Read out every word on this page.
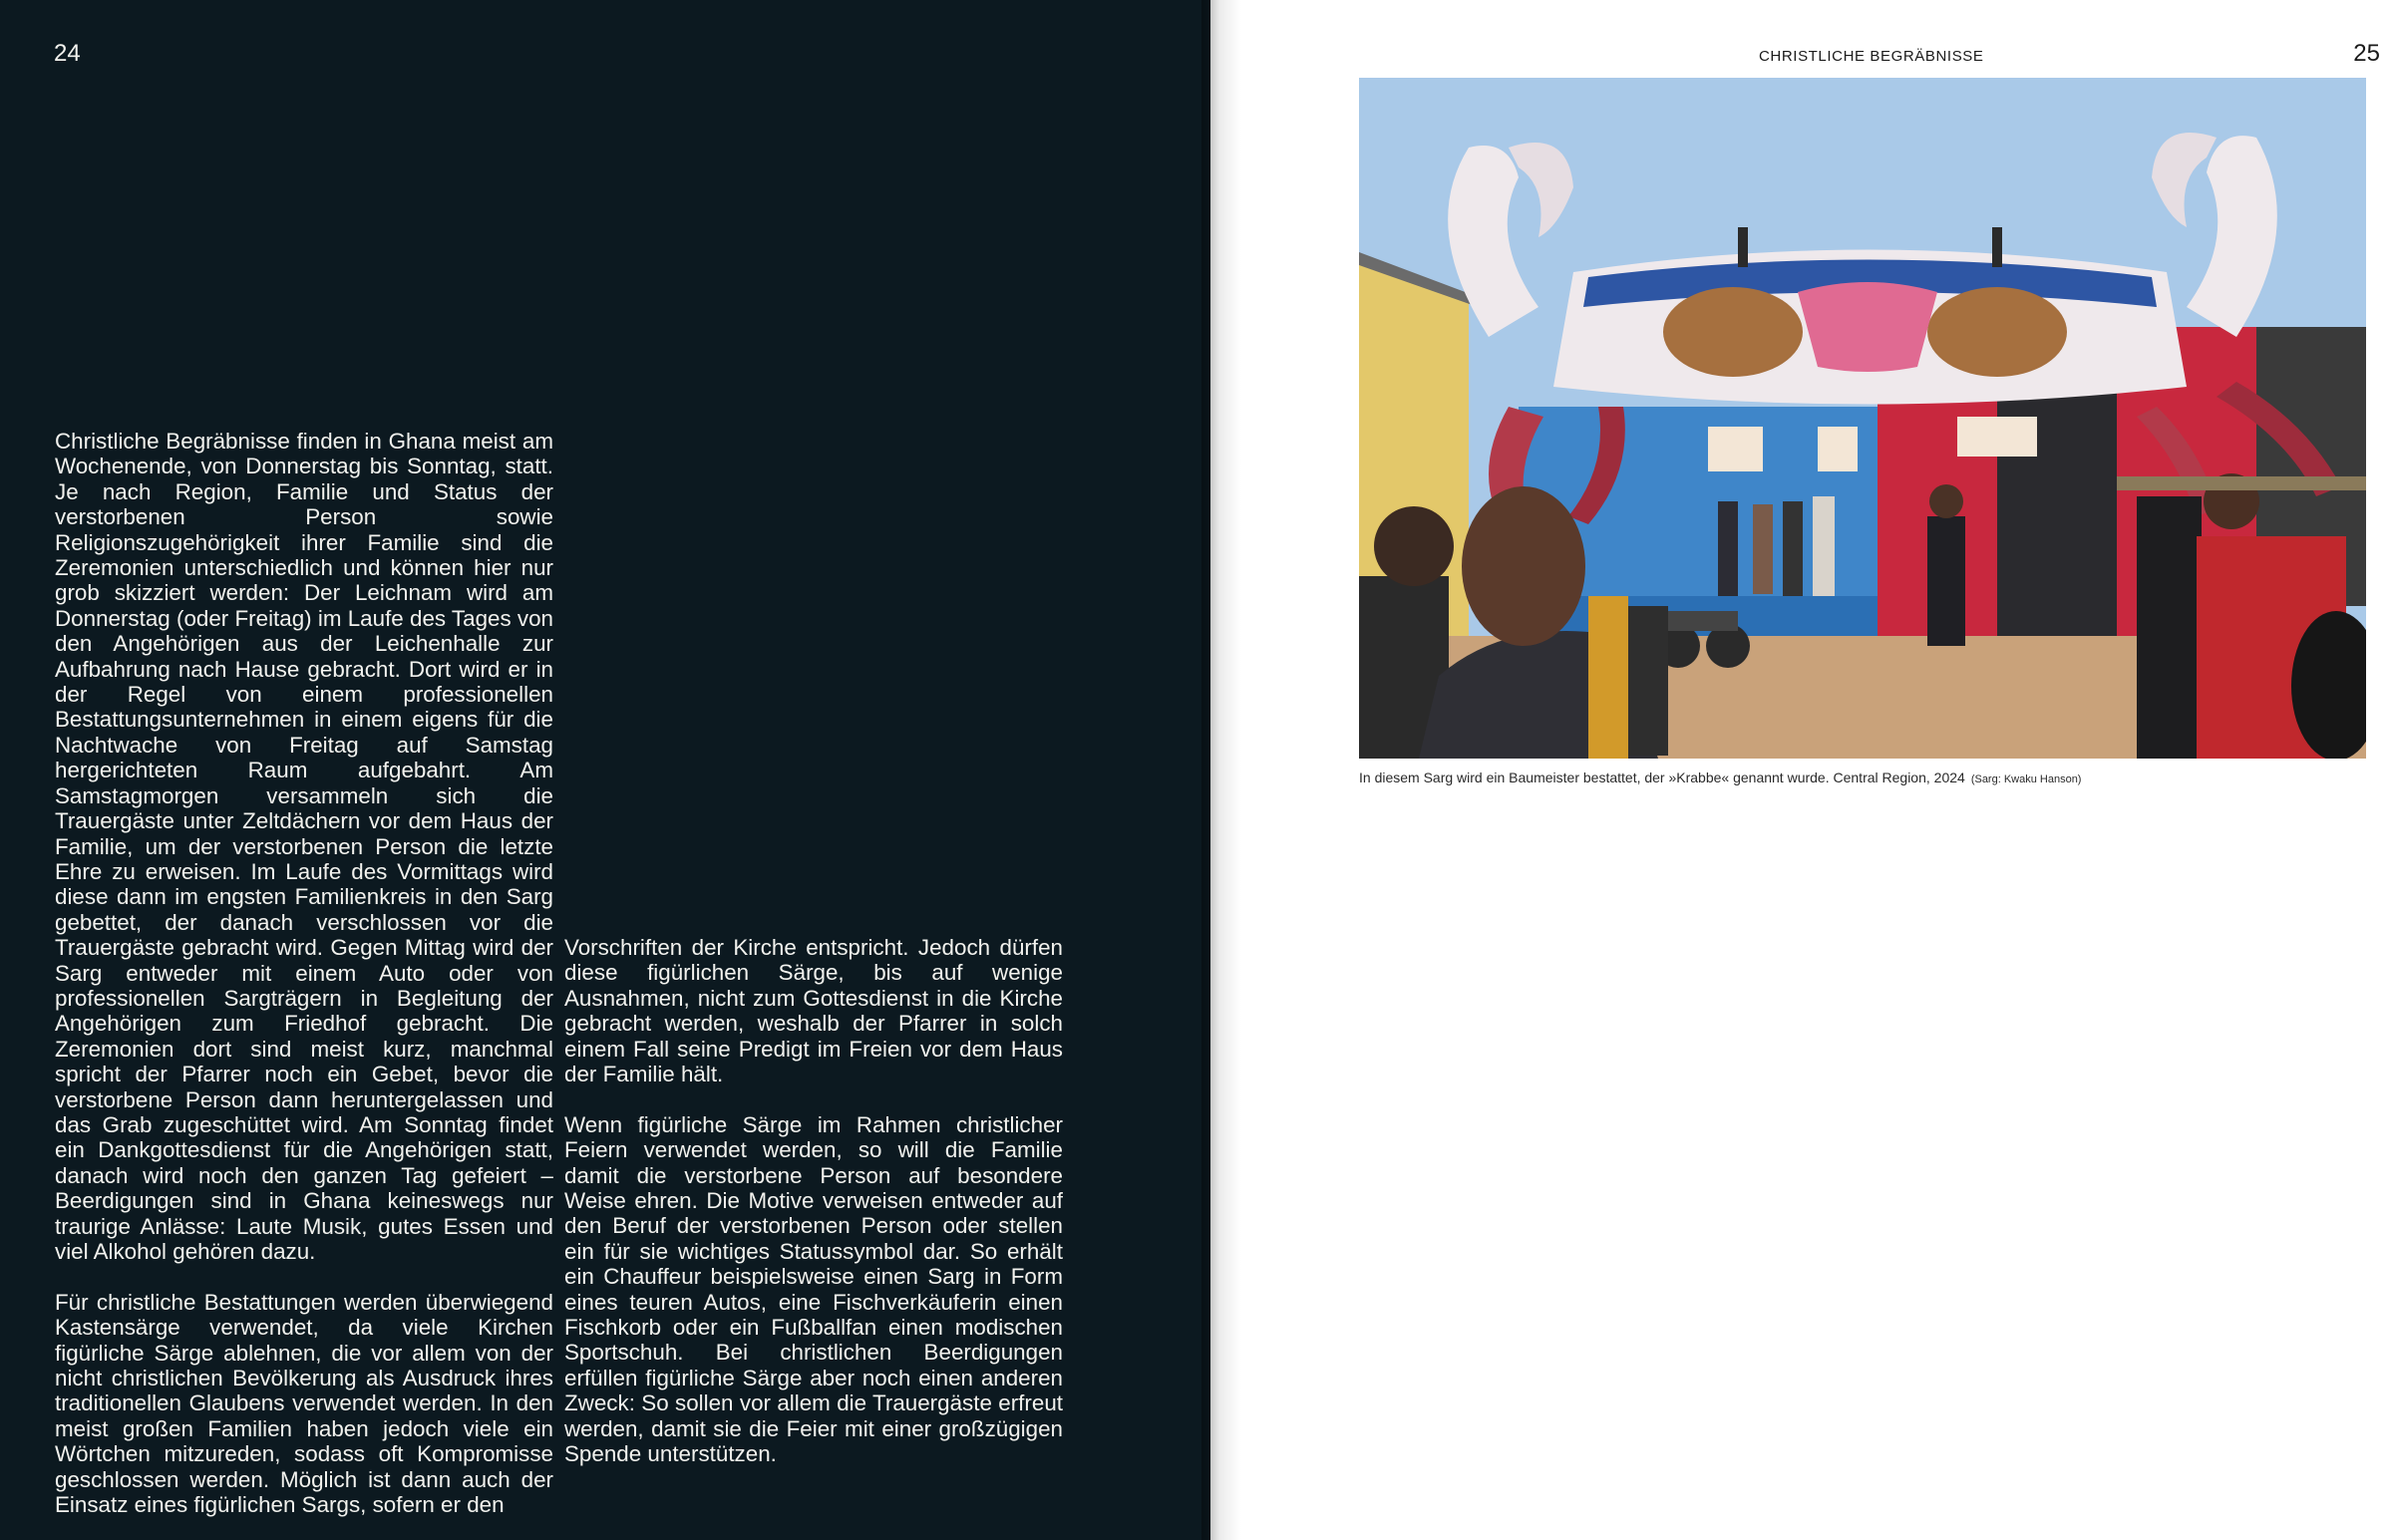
24

Christliche Begräbnisse finden in Ghana meist am Wochenende, von Donnerstag bis Sonntag, statt. Je nach Region, Familie und Status der verstorbenen Person sowie Religionszugehörigkeit ihrer Familie sind die Zeremonien unterschiedlich und können hier nur grob skizziert werden: Der Leichnam wird am Donnerstag (oder Freitag) im Laufe des Tages von den Angehörigen aus der Leichenhalle zur Aufbahrung nach Hause gebracht. Dort wird er in der Regel von einem professionellen Bestattungsunternehmen in einem eigens für die Nachtwache von Freitag auf Samstag hergerichteten Raum aufgebahrt. Am Samstagmorgen versammeln sich die Trauergäste unter Zeltdächern vor dem Haus der Familie, um der verstorbenen Person die letzte Ehre zu erweisen. Im Laufe des Vormittags wird diese dann im engsten Familienkreis in den Sarg gebettet, der danach verschlossen vor die Trauergäste gebracht wird. Gegen Mittag wird der Sarg entweder mit einem Auto oder von professionellen Sargträgern in Begleitung der Angehörigen zum Friedhof gebracht. Die Zeremonien dort sind meist kurz, manchmal spricht der Pfarrer noch ein Gebet, bevor die verstorbene Person dann heruntergelassen und das Grab zugeschüttet wird. Am Sonntag findet ein Dankgottesdienst für die Angehörigen statt, danach wird noch den ganzen Tag gefeiert – Beerdigungen sind in Ghana keineswegs nur traurige Anlässe: Laute Musik, gutes Essen und viel Alkohol gehören dazu.

Für christliche Bestattungen werden überwiegend Kastensärge verwendet, da viele Kirchen figürliche Särge ablehnen, die vor allem von der nicht christlichen Bevölkerung als Ausdruck ihres traditionellen Glaubens verwendet werden. In den meist großen Familien haben jedoch viele ein Wörtchen mitzureden, sodass oft Kompromisse geschlossen werden. Möglich ist dann auch der Einsatz eines figürlichen Sargs, sofern er den

Vorschriften der Kirche entspricht. Jedoch dürfen diese figürlichen Särge, bis auf wenige Ausnahmen, nicht zum Gottesdienst in die Kirche gebracht werden, weshalb der Pfarrer in solch einem Fall seine Predigt im Freien vor dem Haus der Familie hält.

Wenn figürliche Särge im Rahmen christlicher Feiern verwendet werden, so will die Familie damit die verstorbene Person auf besondere Weise ehren. Die Motive verweisen entweder auf den Beruf der verstorbenen Person oder stellen ein für sie wichtiges Statussymbol dar. So erhält ein Chauffeur beispielsweise einen Sarg in Form eines teuren Autos, eine Fischverkäuferin einen Fischkorb oder ein Fußballfan einen modischen Sportschuh. Bei christlichen Beerdigungen erfüllen figürliche Särge aber noch einen anderen Zweck: So sollen vor allem die Trauergäste erfreut werden, damit sie die Feier mit einer großzügigen Spende unterstützen.

CHRISTLICHE BEGRÄBNISSE	25
In diesem Sarg wird ein Baumeister bestattet, der »Krabbe« genannt wurde. Central Region, 2024 (Sarg: Kwaku Hanson)
